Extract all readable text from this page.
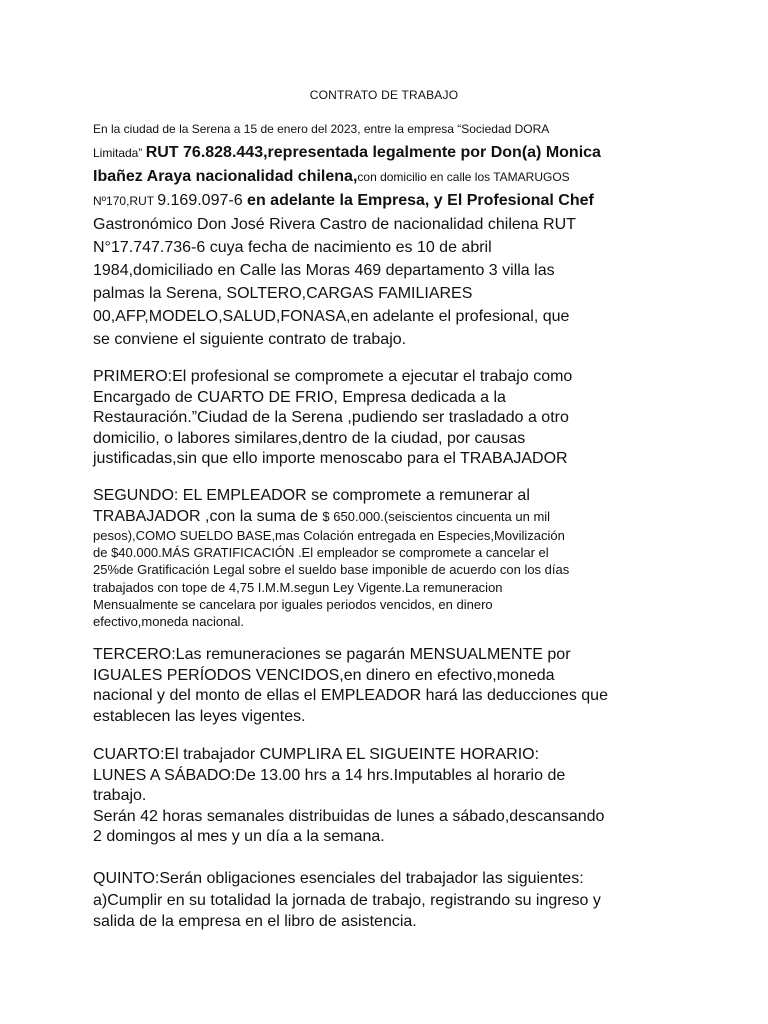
CONTRATO DE TRABAJO
En la ciudad de la Serena a 15 de enero del 2023, entre la empresa “Sociedad DORA
Limitada” RUT 76.828.443,representada legalmente por Don(a) Monica
Ibañez Araya nacionalidad chilena,con domicilio en calle los TAMARUGOS
Nº170,RUT 9.169.097-6 en adelante la Empresa, y El Profesional Chef
Gastronómico Don José Rivera Castro de nacionalidad chilena RUT
N°17.747.736-6 cuya fecha de nacimiento es 10 de abril
1984,domiciliado en Calle las Moras 469 departamento 3 villa las
palmas la Serena, SOLTERO,CARGAS FAMILIARES
00,AFP,MODELO,SALUD,FONASA,en adelante el profesional, que
se conviene el siguiente contrato de trabajo.
PRIMERO:El profesional se compromete a ejecutar el trabajo como
Encargado de CUARTO DE FRIO, Empresa dedicada a la
Restauración.”Ciudad de la Serena ,pudiendo ser trasladado a otro
domicilio, o labores similares,dentro de la ciudad, por causas
justificadas,sin que ello importe menoscabo para el TRABAJADOR
SEGUNDO: EL EMPLEADOR se compromete a remunerar al
TRABAJADOR ,con la suma de $ 650.000.(seiscientos cincuenta un mil
pesos),COMO SUELDO BASE,mas Colación entregada en Especies,Movilización
de $40.000.MÁS GRATIFICACIÓN .El empleador se compromete a cancelar el
25%de Gratificación Legal sobre el sueldo base imponible de acuerdo con los días
trabajados con tope de 4,75 I.M.M.segun Ley Vigente.La remuneracion
Mensualmente se cancelara por iguales periodos vencidos, en dinero
efectivo,moneda nacional.
TERCERO:Las remuneraciones se pagarán MENSUALMENTE por
IGUALES PERÍODOS VENCIDOS,en dinero en efectivo,moneda
nacional y del monto de ellas el EMPLEADOR hará las deducciones que
establecen las leyes vigentes.
CUARTO:El trabajador CUMPLIRA EL SIGUEINTE HORARIO:
LUNES A SÁBADO:De 13.00 hrs a 14 hrs.Imputables al horario de
trabajo.
Serán 42 horas semanales distribuidas de lunes a sábado,descansando
2 domingos al mes y un día a la semana.
QUINTO:Serán obligaciones esenciales del trabajador las siguientes:
a)Cumplir en su totalidad la jornada de trabajo, registrando su ingreso y
salida de la empresa en el libro de asistencia.
